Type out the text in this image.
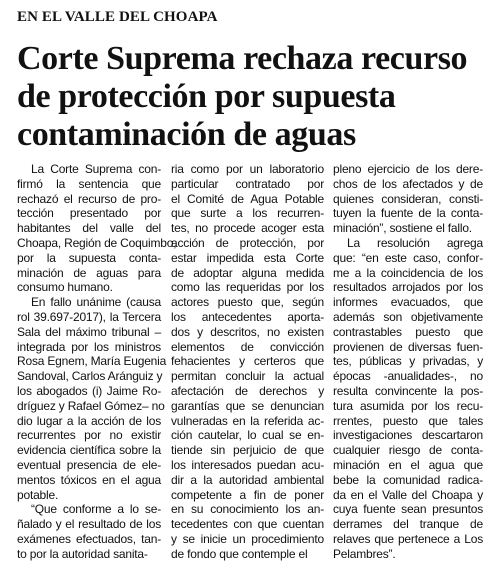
EN EL VALLE DEL CHOAPA
Corte Suprema rechaza recurso
de protección por supuesta
contaminación de aguas
La Corte Suprema con-
firmó la sentencia que
rechazó el recurso de pro-
tección presentado por
habitantes del valle del
Choapa, Región de Coquimbo,
por la supuesta conta-
minación de aguas para
consumo humano.
En fallo unánime (causa
rol 39.697-2017), la Tercera
Sala del máximo tribunal –
integrada por los ministros
Rosa Egnem, María Eugenia
Sandoval, Carlos Aránguiz y
los abogados (i) Jaime Ro-
dríguez y Rafael Gómez– no
dio lugar a la acción de los
recurrentes por no existir
evidencia científica sobre la
eventual presencia de ele-
mentos tóxicos en el agua
potable.
“Que conforme a lo se-
ñalado y el resultado de los
exámenes efectuados, tan-
to por la autoridad sanita-
ria como por un laboratorio
particular contratado por
el Comité de Agua Potable
que surte a los recurren-
tes, no procede acoger esta
acción de protección, por
estar impedida esta Corte
de adoptar alguna medida
como las requeridas por los
actores puesto que, según
los antecedentes aporta-
dos y descritos, no existen
elementos de convicción
fehacientes y certeros que
permitan concluir la actual
afectación de derechos y
garantías que se denuncian
vulneradas en la referida ac-
ción cautelar, lo cual se en-
tiende sin perjuicio de que
los interesados puedan acu-
dir a la autoridad ambiental
competente a fin de poner
en su conocimiento los an-
tecedentes con que cuentan
y se inicie un procedimiento
de fondo que contemple el
pleno ejercicio de los dere-
chos de los afectados y de
quienes consideran, consti-
tuyen la fuente de la conta-
minación”, sostiene el fallo.
La resolución agrega
que: “en este caso, confor-
me a la coincidencia de los
resultados arrojados por los
informes evacuados, que
además son objetivamente
contrastables puesto que
provienen de diversas fuen-
tes, públicas y privadas, y
épocas -anualidades-, no
resulta convincente la pos-
tura asumida por los recu-
rrentes, puesto que tales
investigaciones descartaron
cualquier riesgo de conta-
minación en el agua que
bebe la comunidad radica-
da en el Valle del Choapa y
cuya fuente sean presuntos
derrames del tranque de
relaves que pertenece a Los
Pelambres”.
